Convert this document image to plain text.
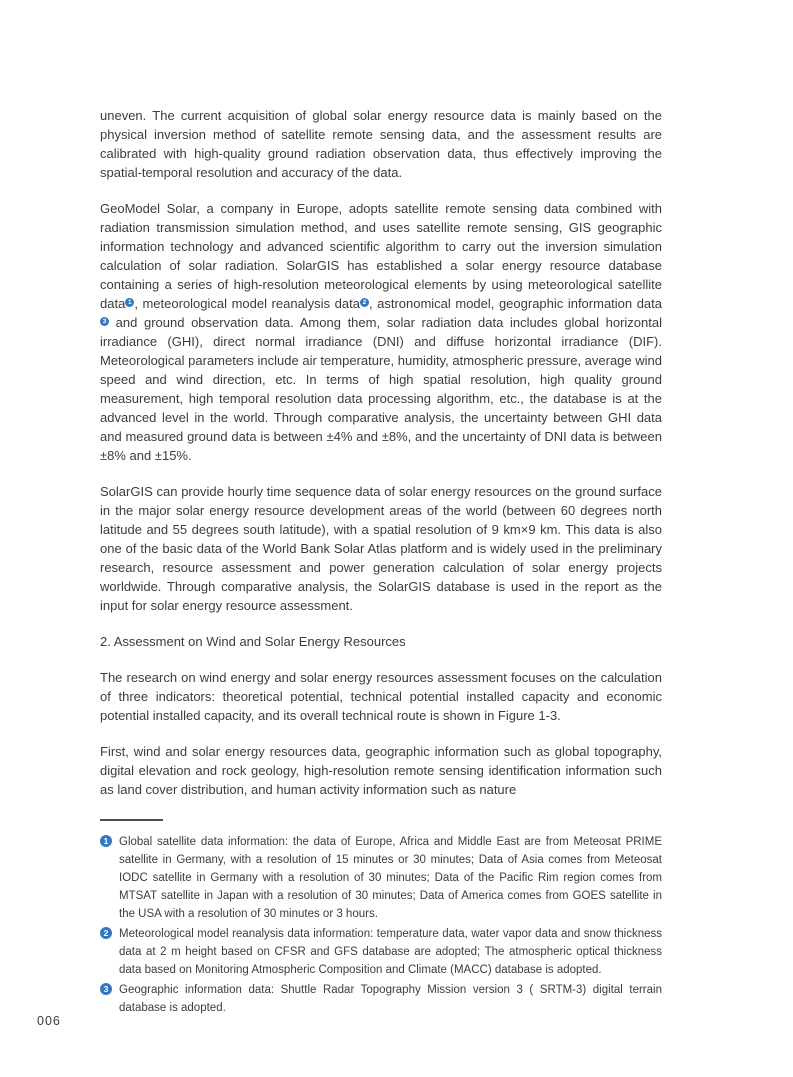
uneven. The current acquisition of global solar energy resource data is mainly based on the physical inversion method of satellite remote sensing data, and the assessment results are calibrated with high-quality ground radiation observation data, thus effectively improving the spatial-temporal resolution and accuracy of the data.

GeoModel Solar, a company in Europe, adopts satellite remote sensing data combined with radiation transmission simulation method, and uses satellite remote sensing, GIS geographic information technology and advanced scientific algorithm to carry out the inversion simulation calculation of solar radiation. SolarGIS has established a solar energy resource database containing a series of high-resolution meteorological elements by using meteorological satellite data 1 , meteorological model reanalysis data 2 , astronomical model, geographic information data3 and ground observation data. Among them, solar radiation data includes global horizontal irradiance (GHI), direct normal irradiance (DNI) and diffuse horizontal irradiance (DIF). Meteorological parameters include air temperature, humidity, atmospheric pressure, average wind speed and wind direction, etc. In terms of high spatial resolution, high quality ground measurement, high temporal resolution data processing algorithm, etc., the database is at the advanced level in the world. Through comparative analysis, the uncertainty between GHI data and measured ground data is between ±4% and ±8%, and the uncertainty of DNI data is between ±8% and ±15%.

SolarGIS can provide hourly time sequence data of solar energy resources on the ground surface in the major solar energy resource development areas of the world (between 60 degrees north latitude and 55 degrees south latitude), with a spatial resolution of 9 km×9 km. This data is also one of the basic data of the World Bank Solar Atlas platform and is widely used in the preliminary research, resource assessment and power generation calculation of solar energy projects worldwide. Through comparative analysis, the SolarGIS database is used in the report as the input for solar energy resource assessment.

2. Assessment on Wind and Solar Energy Resources

The research on wind energy and solar energy resources assessment focuses on the calculation of three indicators: theoretical potential, technical potential installed capacity and economic potential installed capacity, and its overall technical route is shown in Figure 1-3.

First, wind and solar energy resources data, geographic information such as global topography, digital elevation and rock geology, high-resolution remote sensing identification information such as land cover distribution, and human activity information such as nature

1 Global satellite data information: the data of Europe, Africa and Middle East are from Meteosat PRIME satellite in Germany, with a resolution of 15 minutes or 30 minutes; Data of Asia comes from Meteosat IODC satellite in Germany with a resolution of 30 minutes; Data of the Pacific Rim region comes from MTSAT satellite in Japan with a resolution of 30 minutes; Data of America comes from GOES satellite in the USA with a resolution of 30 minutes or 3 hours.

2 Meteorological model reanalysis data information: temperature data, water vapor data and snow thickness data at 2 m height based on CFSR and GFS database are adopted; The atmospheric optical thickness data based on Monitoring Atmospheric Composition and Climate (MACC) database is adopted.

3 Geographic information data: Shuttle Radar Topography Mission version 3 ( SRTM-3) digital terrain database is adopted.

006
